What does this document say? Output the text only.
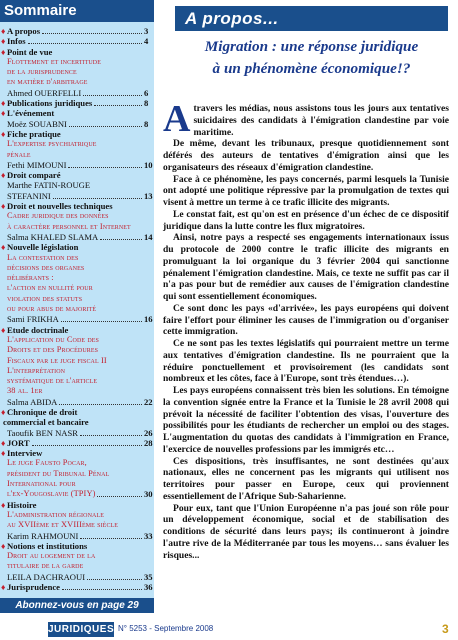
Sommaire
♦ A propos	3
♦ Infos	4
♦ Point de vue
Flottement et incertitude
de la jurisprudence
en matière d'arbitrage
Ahmed OUERFELLI	6
♦ Publications juridiques	8
♦ L'événement
Moëz SOUABNI	8
♦ Fiche pratique
L'expertise psychiatrique
pénale
Fethi MIMOUNI	10
♦ Droit comparé
Marthe FATIN-ROUGE
STEFANINI	13
♦ Droit et nouvelles techniques
Cadre juridique des données
à caractère personnel et Internet
Salma KHALED SLAMA	14
♦ Nouvelle législation
La contestation des
décisions des organes
délibérants :
l'action en nullité pour
violation des statuts
ou pour abus de majorité
Sami FRIKHA	16
♦ Etude doctrinale
L'application du Code des
Droits et des Procédures
Fiscaux par le juge fiscal II
L'interprétation
systématique de l'article
38 al. 1er
Salma ABIDA	22
♦ Chronique de droit
commercial et bancaire
Taoufik BEN NASR	26
♦ JORT	28
♦ Interview
Le juge Fausto Pocar,
président du Tribunal Pénal
International pour
l'ex-Yougoslavie (TPIY)	30
♦ Histoire
L'administration régionale
au XVIIème et XVIIIème siècle
Karim RAHMOUNI	33
♦ Notions et institutions
Droit au logement de la
titulaire de la garde
LEILA DACHRAOUI	35
♦ Jurisprudence	36
Abonnez-vous en page 29
A propos...
Migration : une réponse juridique
à un phénomène économique!?

Atravers les médias, nous assistons tous les jours aux tentatives suicidaires des candidats à l'émigration clandestine par voie maritime.

De même, devant les tribunaux, presque quotidiennement sont déférés des auteurs de tentatives d'émigration ainsi que les organisateurs des réseaux d'émigration clandestine.

Face à ce phénomène, les pays concernés, parmi lesquels la Tunisie ont adopté une politique répressive par la promulgation de textes qui visent à mettre un terme à ce trafic illicite des migrants.

Le constat fait, est qu'on est en présence d'un échec de ce dispositif juridique dans la lutte contre les flux migratoires.

Ainsi, notre pays a respecté ses engagements internationaux issus du protocole de 2000 contre le trafic illicite des migrants en promulguant la loi organique du 3 février 2004 qui sanctionne pénalement l'émigration clandestine. Mais, ce texte ne suffit pas car il n'a pas pour but de remédier aux causes de l'émigration clandestine qui sont essentiellement économiques.

Ce sont donc les pays «d'arrivée», les pays européens qui doivent faire l'effort pour éliminer les causes de l'immigration ou d'organiser cette immigration.

Ce ne sont pas les textes législatifs qui pourraient mettre un terme aux tentatives d'émigration clandestine. Ils ne pourraient que la réduire ponctuellement et provisoirement (les candidats sont nombreux et les côtes, face à l'Europe, sont très étendues…).

Les pays européens connaissent très bien les solutions. En témoigne la convention signée entre la France et la Tunisie le 28 avril 2008 qui prévoit la nécessité de faciliter l'obtention des visas, l'ouverture des possibilités pour les étudiants de rechercher un emploi ou des stages. L'augmentation du quotas des candidats à l'immigration en France, l'exercice de nouvelles professions par les immigrés etc…

Ces dispositions, très insuffisantes, ne sont destinées qu'aux nationaux, elles ne concernent pas les migrants qui utilisent nos territoires pour passer en Europe, ceux qui proviennent essentiellement de l'Afrique Sub-Saharienne.

Pour eux, tant que l'Union Européenne n'a pas joué son rôle pour un développement économique, social et de stabilisation des conditions de sécurité dans leurs pays; ils continueront à joindre l'autre rive de la Méditerranée par tous les moyens… sans évaluer les risques...

JURIDIQUES N° 5253 - Septembre 2008	3
